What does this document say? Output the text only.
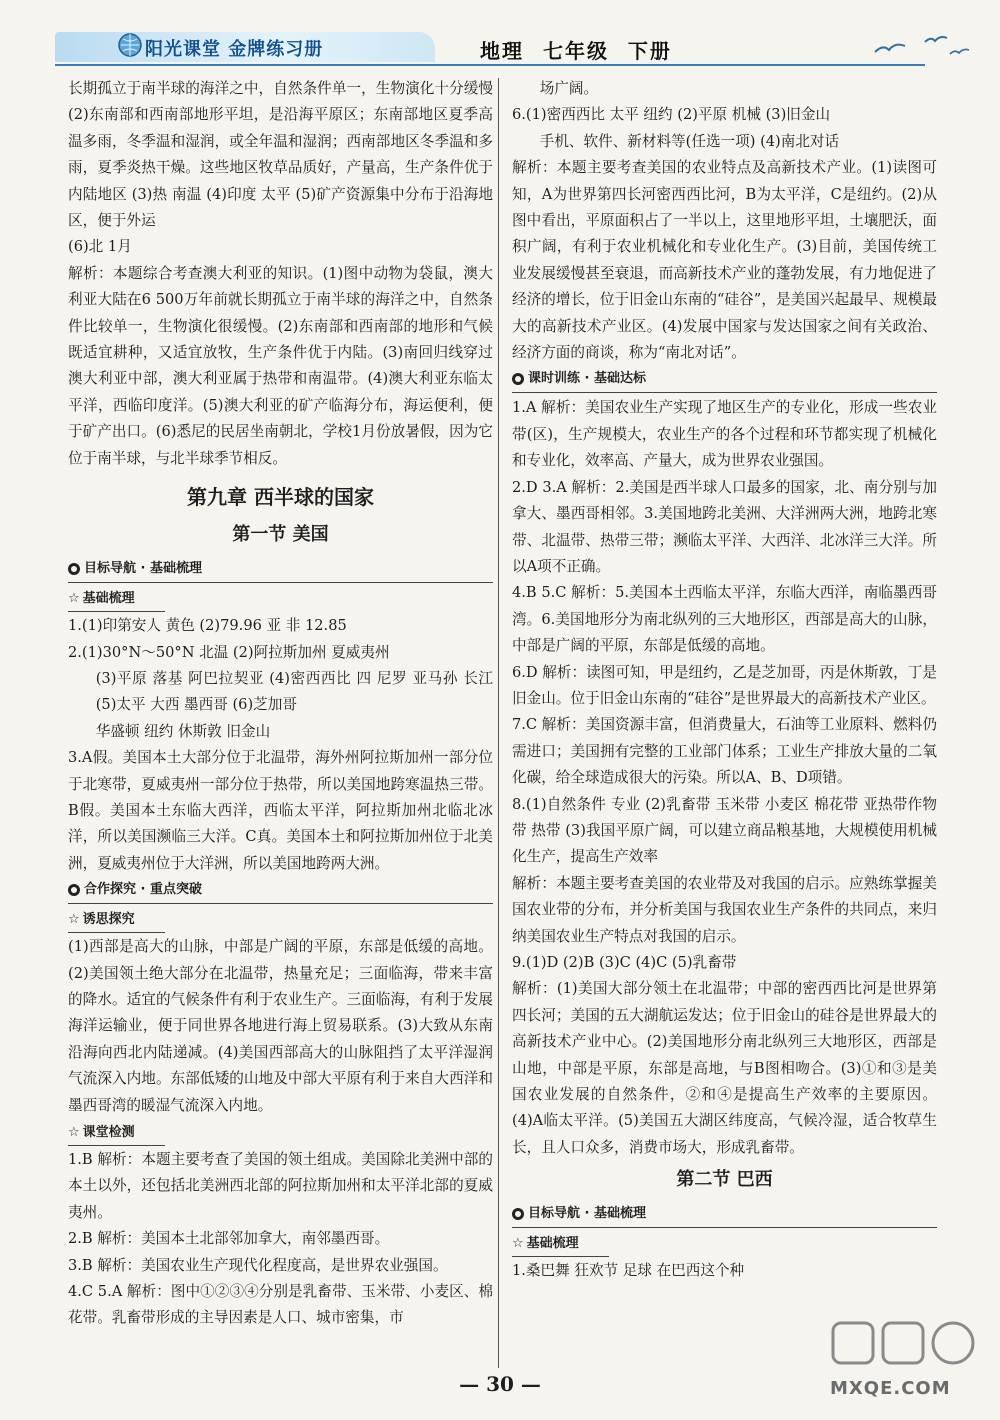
阳光课堂 金牌练习册	地理 七年级 下册

长期孤立于南半球的海洋之中，自然条件单一，生物演化十分缓慢 (2)东南部和西南部地形平坦，是沿海平原区；东南部地区夏季高温多雨，冬季温和湿润，或全年温和湿润；西南部地区冬季温和多雨，夏季炎热干燥。这些地区牧草品质好，产量高，生产条件优于内陆地区 (3)热 南温 (4)印度 太平 (5)矿产资源集中分布于沿海地区，便于外运

(6)北 1月

解析：本题综合考查澳大利亚的知识。(1)图中动物为袋鼠，澳大利亚大陆在6 500万年前就长期孤立于南半球的海洋之中，自然条件比较单一，生物演化很缓慢。(2)东南部和西南部的地形和气候既适宜耕种，又适宜放牧，生产条件优于内陆。(3)南回归线穿过澳大利亚中部，澳大利亚属于热带和南温带。(4)澳大利亚东临太平洋，西临印度洋。(5)澳大利亚的矿产临海分布，海运便利，便于矿产出口。(6)悉尼的民居坐南朝北，学校1月份放暑假，因为它位于南半球，与北半球季节相反。

第九章 西半球的国家
第一节 美国
目标导航 · 基础梳理
☆ 基础梳理

1.(1)印第安人 黄色 (2)79.96 亚 非 12.85

2.(1)30°N～50°N 北温 (2)阿拉斯加州 夏威夷州

(3)平原 落基 阿巴拉契亚 (4)密西西比 四 尼罗 亚马孙 长江 (5)太平 大西 墨西哥 (6)芝加哥

华盛顿 纽约 休斯敦 旧金山

3.A假。美国本土大部分位于北温带，海外州阿拉斯加州一部分位于北寒带，夏威夷州一部分位于热带，所以美国地跨寒温热三带。B假。美国本土东临大西洋，西临太平洋，阿拉斯加州北临北冰洋，所以美国濒临三大洋。C真。美国本土和阿拉斯加州位于北美洲，夏威夷州位于大洋洲，所以美国地跨两大洲。

合作探究 · 重点突破
☆ 诱思探究

(1)西部是高大的山脉，中部是广阔的平原，东部是低缓的高地。(2)美国领土绝大部分在北温带，热量充足；三面临海，带来丰富的降水。适宜的气候条件有利于农业生产。三面临海，有利于发展海洋运输业，便于同世界各地进行海上贸易联系。(3)大致从东南沿海向西北内陆递减。(4)美国西部高大的山脉阻挡了太平洋湿润气流深入内地。东部低矮的山地及中部大平原有利于来自大西洋和墨西哥湾的暖湿气流深入内地。

☆ 课堂检测

1.B 解析：本题主要考查了美国的领土组成。美国除北美洲中部的本土以外，还包括北美洲西北部的阿拉斯加州和太平洋北部的夏威夷州。

2.B 解析：美国本土北部邻加拿大，南邻墨西哥。

3.B 解析：美国农业生产现代化程度高，是世界农业强国。

4.C 5.A 解析：图中①②③④分别是乳畜带、玉米带、小麦区、棉花带。乳畜带形成的主导因素是人口、城市密集，市

场广阔。

6.(1)密西西比 太平 纽约 (2)平原 机械 (3)旧金山

手机、软件、新材料等(任选一项) (4)南北对话

解析：本题主要考查美国的农业特点及高新技术产业。(1)读图可知，A为世界第四长河密西西比河，B为太平洋，C是纽约。(2)从图中看出，平原面积占了一半以上，这里地形平坦，土壤肥沃，面积广阔，有利于农业机械化和专业化生产。(3)目前，美国传统工业发展缓慢甚至衰退，而高新技术产业的蓬勃发展，有力地促进了经济的增长，位于旧金山东南的“硅谷”，是美国兴起最早、规模最大的高新技术产业区。(4)发展中国家与发达国家之间有关政治、经济方面的商谈，称为“南北对话”。

课时训练 · 基础达标

1.A 解析：美国农业生产实现了地区生产的专业化，形成一些农业带(区)，生产规模大，农业生产的各个过程和环节都实现了机械化和专业化，效率高、产量大，成为世界农业强国。

2.D 3.A 解析：2.美国是西半球人口最多的国家，北、南分别与加拿大、墨西哥相邻。3.美国地跨北美洲、大洋洲两大洲，地跨北寒带、北温带、热带三带；濒临太平洋、大西洋、北冰洋三大洋。所以A项不正确。

4.B 5.C 解析：5.美国本土西临太平洋，东临大西洋，南临墨西哥湾。6.美国地形分为南北纵列的三大地形区，西部是高大的山脉，中部是广阔的平原，东部是低缓的高地。

6.D 解析：读图可知，甲是纽约，乙是芝加哥，丙是休斯敦，丁是旧金山。位于旧金山东南的“硅谷”是世界最大的高新技术产业区。

7.C 解析：美国资源丰富，但消费量大，石油等工业原料、燃料仍需进口；美国拥有完整的工业部门体系；工业生产排放大量的二氧化碳，给全球造成很大的污染。所以A、B、D项错。

8.(1)自然条件 专业 (2)乳畜带 玉米带 小麦区 棉花带 亚热带作物带 热带 (3)我国平原广阔，可以建立商品粮基地，大规模使用机械化生产，提高生产效率

解析：本题主要考查美国的农业带及对我国的启示。应熟练掌握美国农业带的分布，并分析美国与我国农业生产条件的共同点，来归纳美国农业生产特点对我国的启示。

9.(1)D (2)B (3)C (4)C (5)乳畜带

解析：(1)美国大部分领土在北温带；中部的密西西比河是世界第四长河；美国的五大湖航运发达；位于旧金山的硅谷是世界最大的高新技术产业中心。(2)美国地形分南北纵列三大地形区，西部是山地，中部是平原，东部是高地，与B图相吻合。(3)①和③是美国农业发展的自然条件，②和④是提高生产效率的主要原因。(4)A临太平洋。(5)美国五大湖区纬度高，气候冷湿，适合牧草生长，且人口众多，消费市场大，形成乳畜带。

第二节 巴西
目标导航 · 基础梳理
☆ 基础梳理

1.桑巴舞 狂欢节 足球 在巴西这个种

— 30 —	MXQE.COM
